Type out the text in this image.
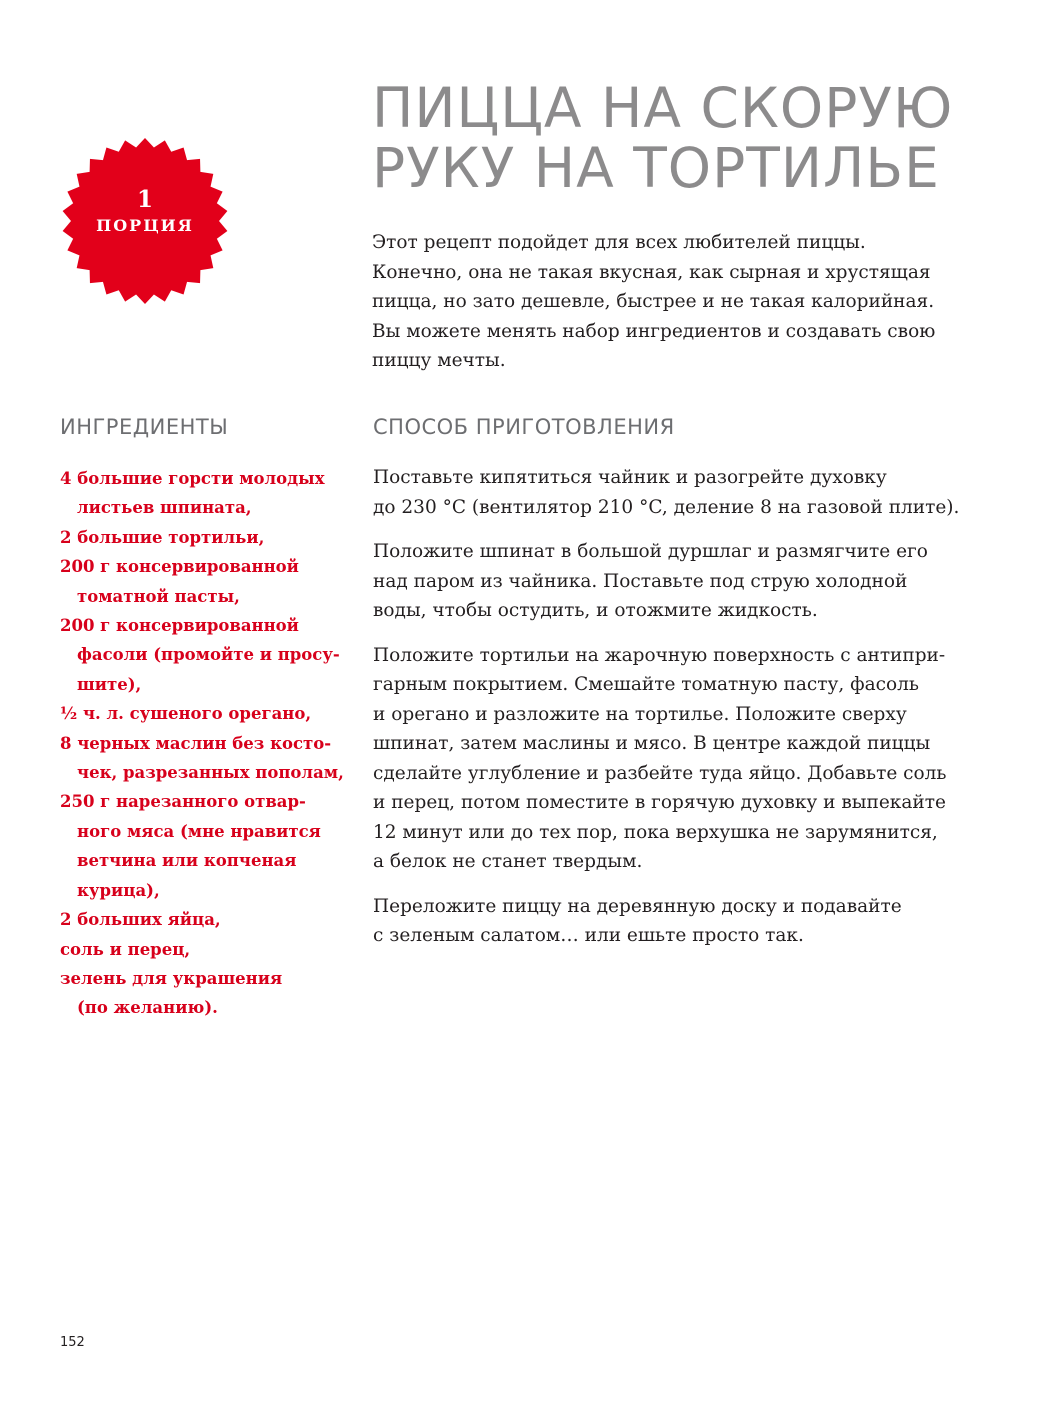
1
ПОРЦИЯ
ПИЦЦА НА СКОРУЮ
РУКУ НА ТОРТИЛЬЕ
Этот рецепт подойдет для всех любителей пиццы.
Конечно, она не такая вкусная, как сырная и хрустящая
пицца, но зато дешевле, быстрее и не такая калорийная.
Вы можете менять набор ингредиентов и создавать свою
пиццу мечты.
ИНГРЕДИЕНТЫ	СПОСОБ ПРИГОТОВЛЕНИЯ
4 большие горсти молодых
листьев шпината,
2 большие тортильи,
200 г консервированной
томатной пасты,
200 г консервированной
фасоли (промойте и просу-
шите),
½ ч. л. сушеного орегано,
8 черных маслин без косто-
чек, разрезанных пополам,
250 г нарезанного отвар-
ного мяса (мне нравится
ветчина или копченая
курица),
2 больших яйца,
соль и перец,
зелень для украшения
(по желанию).

Поставьте кипятиться чайник и разогрейте духовку
до 230 °C (вентилятор 210 °C, деление 8 на газовой плите).

Положите шпинат в большой дуршлаг и размягчите его
над паром из чайника. Поставьте под струю холодной
воды, чтобы остудить, и отожмите жидкость.

Положите тортильи на жарочную поверхность с антипри-
гарным покрытием. Смешайте томатную пасту, фасоль
и орегано и разложите на тортилье. Положите сверху
шпинат, затем маслины и мясо. В центре каждой пиццы
сделайте углубление и разбейте туда яйцо. Добавьте соль
и перец, потом поместите в горячую духовку и выпекайте
12 минут или до тех пор, пока верхушка не зарумянится,
а белок не станет твердым.

Переложите пиццу на деревянную доску и подавайте
с зеленым салатом… или ешьте просто так.

152
